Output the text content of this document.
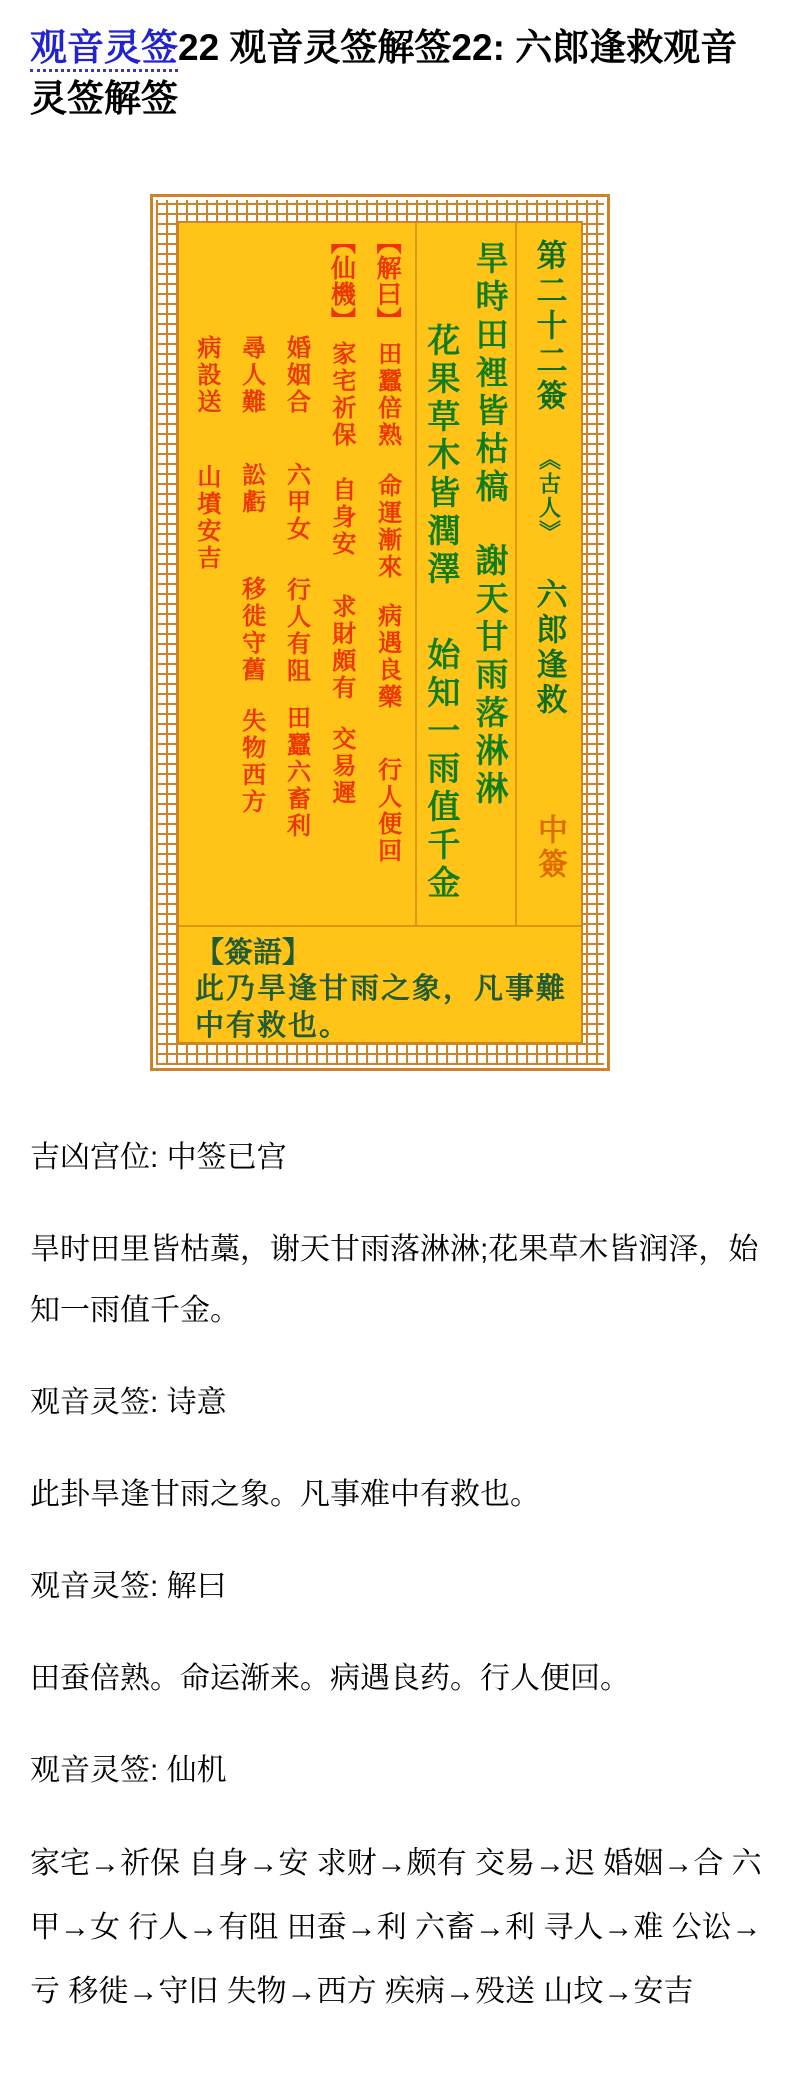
观音灵签22 观音灵签解签22: 六郎逢救观音灵签解签
病設送
山墳安吉
尋人難
訟虧
移徙守舊
失物西方
婚姻合
六甲女
行人有阻
田蠶六畜利
【仙機】
家宅祈保
自身安
求財頗有
交易遲
【解曰】
田蠶倍熟
命運漸來
病遇良藥
行人便回
花果草木皆潤澤
始知一雨值千金
旱時田裡皆枯槁
謝天甘雨落淋淋
第二十二簽
《古人》
六郎逢救
中簽
【簽語】
此乃旱逢甘雨之象，凡事難中有救也。

吉凶宫位: 中签已宫

旱时田里皆枯藁，谢天甘雨落淋淋;花果草木皆润泽，始知一雨值千金。

观音灵签: 诗意

此卦旱逢甘雨之象。凡事难中有救也。

观音灵签: 解曰

田蚕倍熟。命运渐来。病遇良药。行人便回。

观音灵签: 仙机

家宅→祈保 自身→安 求财→颇有 交易→迟 婚姻→合 六甲→女 行人→有阻 田蚕→利 六畜→利 寻人→难 公讼→亏 移徙→守旧 失物→西方 疾病→殁送 山坟→安吉
